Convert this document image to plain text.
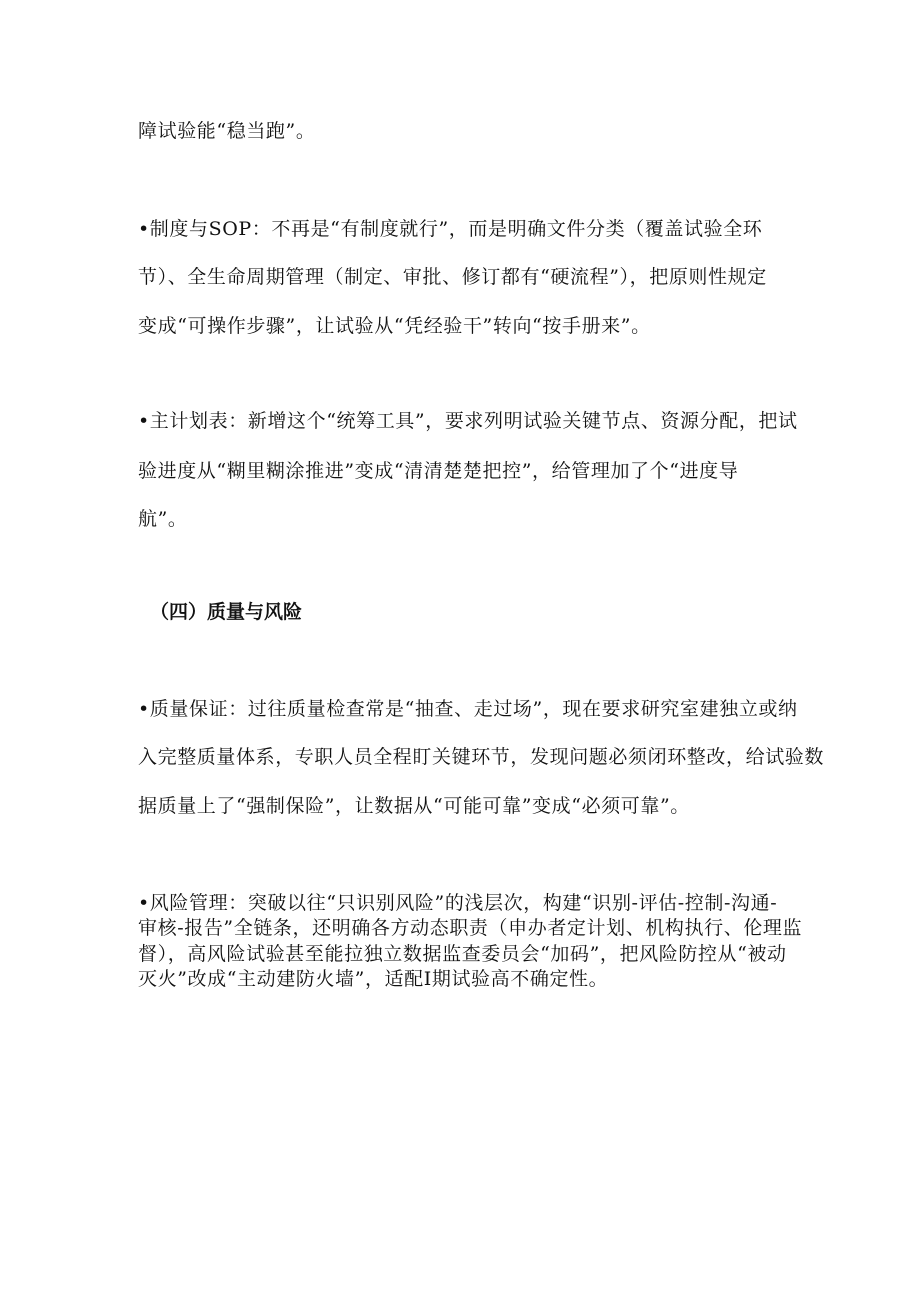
障试验能“稳当跑”。
•制度与SOP：不再是“有制度就行”，而是明确文件分类（覆盖试验全环
节）、全生命周期管理（制定、审批、修订都有“硬流程”），把原则性规定
变成“可操作步骤”，让试验从“凭经验干”转向“按手册来”。
•主计划表：新增这个“统筹工具”，要求列明试验关键节点、资源分配，把试
验进度从“糊里糊涂推进”变成“清清楚楚把控”，给管理加了个“进度导
航”。
（四）质量与风险
•质量保证：过往质量检查常是“抽查、走过场”，现在要求研究室建独立或纳
入完整质量体系，专职人员全程盯关键环节，发现问题必须闭环整改，给试验数
据质量上了“强制保险”，让数据从“可能可靠”变成“必须可靠”。
•风险管理：突破以往“只识别风险”的浅层次，构建“识别-评估-控制-沟通-
审核-报告”全链条，还明确各方动态职责（申办者定计划、机构执行、伦理监
督），高风险试验甚至能拉独立数据监查委员会“加码”，把风险防控从“被动
灭火”改成“主动建防火墙”，适配I期试验高不确定性。
